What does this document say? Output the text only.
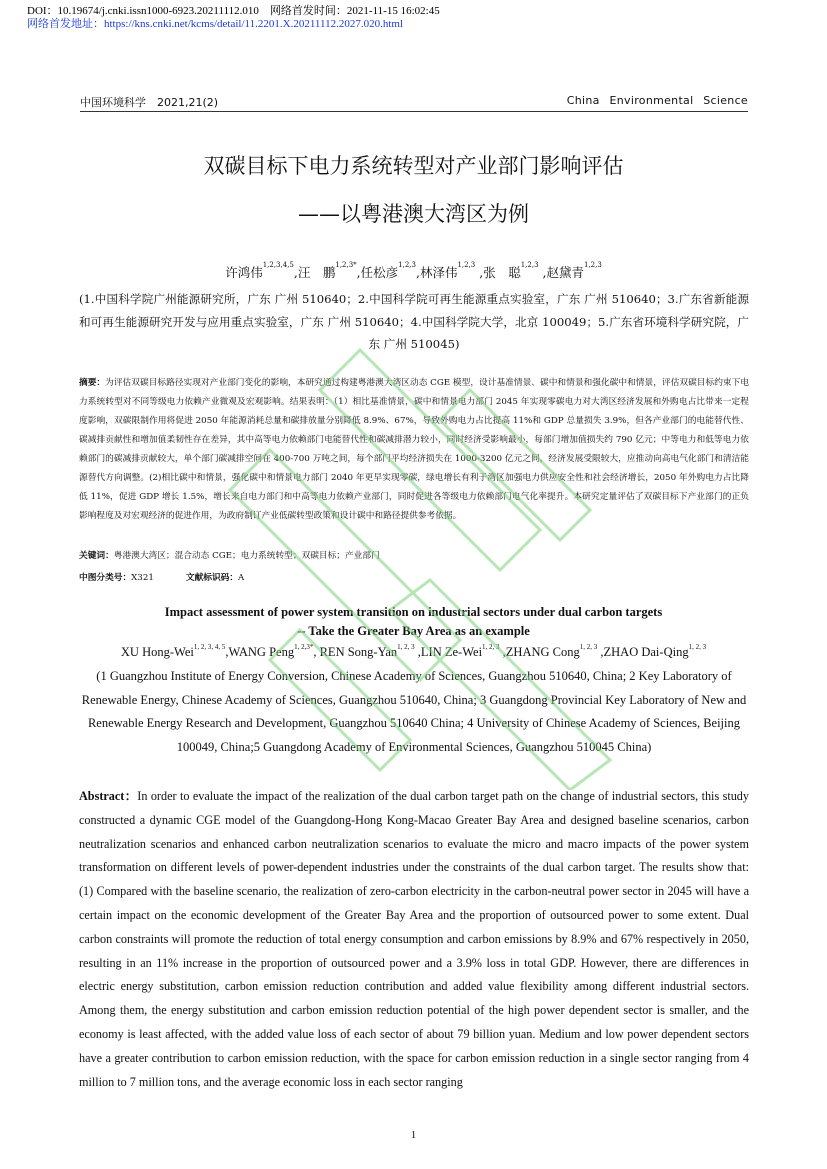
DOI：10.19674/j.cnki.issn1000-6923.20211112.010 网络首发时间：2021-11-15 16:02:45
网络首发地址：https://kns.cnki.net/kcms/detail/11.2201.X.20211112.2027.020.html
中国环境科学　2021,21(2)	China Environmental Science
双碳目标下电力系统转型对产业部门影响评估
——以粤港澳大湾区为例
许鸿伟$^{1,2,3,4,5}$,汪　鹏$^{1,2,3*}$,任松彦$^{1,2,3}$,林泽伟$^{1,2,3}$ ,张　聪$^{1,2,3}$ ,赵黛青$^{1,2,3}$
(1.中国科学院广州能源研究所，广东 广州 510640；2.中国科学院可再生能源重点实验室，广东 广州 510640；3.广东省新能源和可再生能源研究开发与应用重点实验室，广东 广州 510640；4.中国科学院大学，北京 100049；5.广东省环境科学研究院，广东 广州 510045)
摘要：为评估双碳目标路径实现对产业部门变化的影响，本研究通过构建粤港澳大湾区动态 CGE 模型，设计基准情景、碳中和情景和强化碳中和情景，评估双碳目标约束下电力系统转型对不同等级电力依赖产业微观及宏观影响。结果表明：（1）相比基准情景，碳中和情景电力部门 2045 年实现零碳电力对大湾区经济发展和外购电占比带来一定程度影响，双碳限制作用将促进 2050 年能源消耗总量和碳排放量分别降低 8.9%、67%，导致外购电力占比提高 11%和 GDP 总量损失 3.9%，但各产业部门的电能替代性、碳减排贡献性和增加值柔韧性存在差异，其中高等电力依赖部门电能替代性和碳减排潜力较小，同时经济受影响最小，每部门增加值损失约 790 亿元；中等电力和低等电力依赖部门的碳减排贡献较大，单个部门碳减排空间在 400-700 万吨之间，每个部门平均经济损失在 1000-3200 亿元之间，经济发展受限较大，应推动向高电气化部门和清洁能源替代方向调整。(2)相比碳中和情景，强化碳中和情景电力部门 2040 年更早实现零碳，绿电增长有利于湾区加强电力供应安全性和社会经济增长，2050 年外购电力占比降低 11%，促进 GDP 增长 1.5%，增长来自电力部门和中高等电力依赖产业部门，同时促进各等级电力依赖部门电气化率提升。本研究定量评估了双碳目标下产业部门的正负影响程度及对宏观经济的促进作用，为政府制订产业低碳转型政策和设计碳中和路径提供参考依据。
关键词：粤港澳大湾区；混合动态 CGE；电力系统转型；双碳目标；产业部门
中图分类号：X321	文献标识码：A
Impact assessment of power system transition on industrial sectors under dual carbon targets
-- Take the Greater Bay Area as an example
XU Hong-Wei$^{1, 2, 3, 4, 5}$,WANG Peng$^{1, 2,3*}$, REN Song-Yan$^{1, 2, 3}$ ,LIN Ze-Wei$^{1, 2, 3}$ ,ZHANG Cong$^{1, 2, 3}$ ,ZHAO Dai-Qing$^{1, 2, 3}$
(1 Guangzhou Institute of Energy Conversion, Chinese Academy of Sciences, Guangzhou 510640, China; 2 Key Laboratory of Renewable Energy, Chinese Academy of Sciences, Guangzhou 510640, China; 3 Guangdong Provincial Key Laboratory of New and Renewable Energy Research and Development, Guangzhou 510640 China; 4 University of Chinese Academy of Sciences, Beijing 100049, China;5 Guangdong Academy of Environmental Sciences, Guangzhou 510045 China)
Abstract：In order to evaluate the impact of the realization of the dual carbon target path on the change of industrial sectors, this study constructed a dynamic CGE model of the Guangdong-Hong Kong-Macao Greater Bay Area and designed baseline scenarios, carbon neutralization scenarios and enhanced carbon neutralization scenarios to evaluate the micro and macro impacts of the power system transformation on different levels of power-dependent industries under the constraints of the dual carbon target. The results show that: (1) Compared with the baseline scenario, the realization of zero-carbon electricity in the carbon-neutral power sector in 2045 will have a certain impact on the economic development of the Greater Bay Area and the proportion of outsourced power to some extent. Dual carbon constraints will promote the reduction of total energy consumption and carbon emissions by 8.9% and 67% respectively in 2050, resulting in an 11% increase in the proportion of outsourced power and a 3.9% loss in total GDP. However, there are differences in electric energy substitution, carbon emission reduction contribution and added value flexibility among different industrial sectors. Among them, the energy substitution and carbon emission reduction potential of the high power dependent sector is smaller, and the economy is least affected, with the added value loss of each sector of about 79 billion yuan. Medium and low power dependent sectors have a greater contribution to carbon emission reduction, with the space for carbon emission reduction in a single sector ranging from 4 million to 7 million tons, and the average economic loss in each sector ranging
1
